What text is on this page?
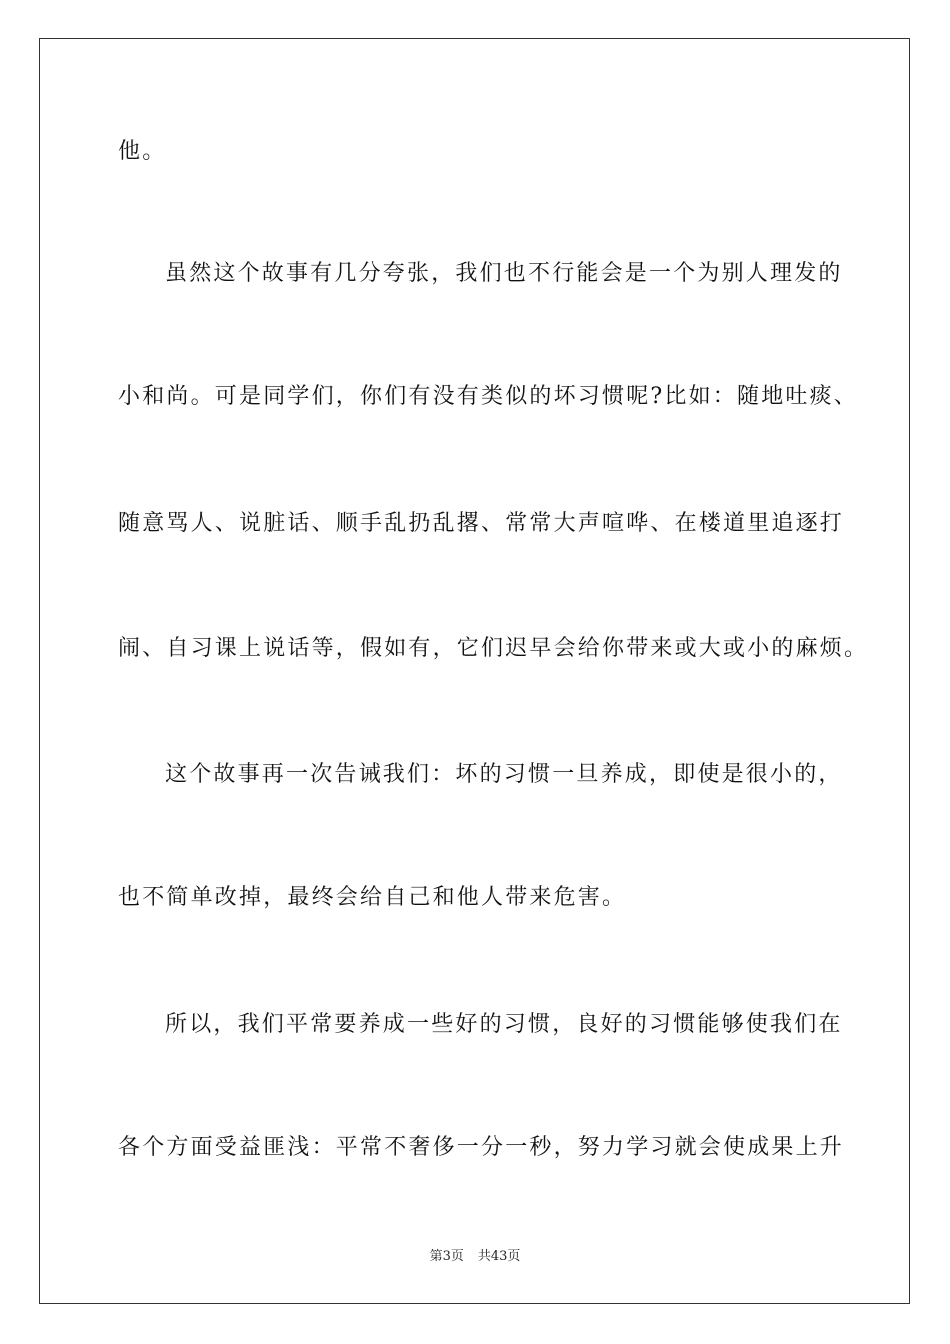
他。
虽然这个故事有几分夸张，我们也不行能会是一个为别人理发的
小和尚。可是同学们，你们有没有类似的坏习惯呢?比如：随地吐痰、
随意骂人、说脏话、顺手乱扔乱撂、常常大声喧哗、在楼道里追逐打
闹、自习课上说话等，假如有，它们迟早会给你带来或大或小的麻烦。
这个故事再一次告诫我们：坏的习惯一旦养成，即使是很小的，
也不简单改掉，最终会给自己和他人带来危害。
所以，我们平常要养成一些好的习惯，良好的习惯能够使我们在
各个方面受益匪浅：平常不奢侈一分一秒，努力学习就会使成果上升
第3页 共43页
